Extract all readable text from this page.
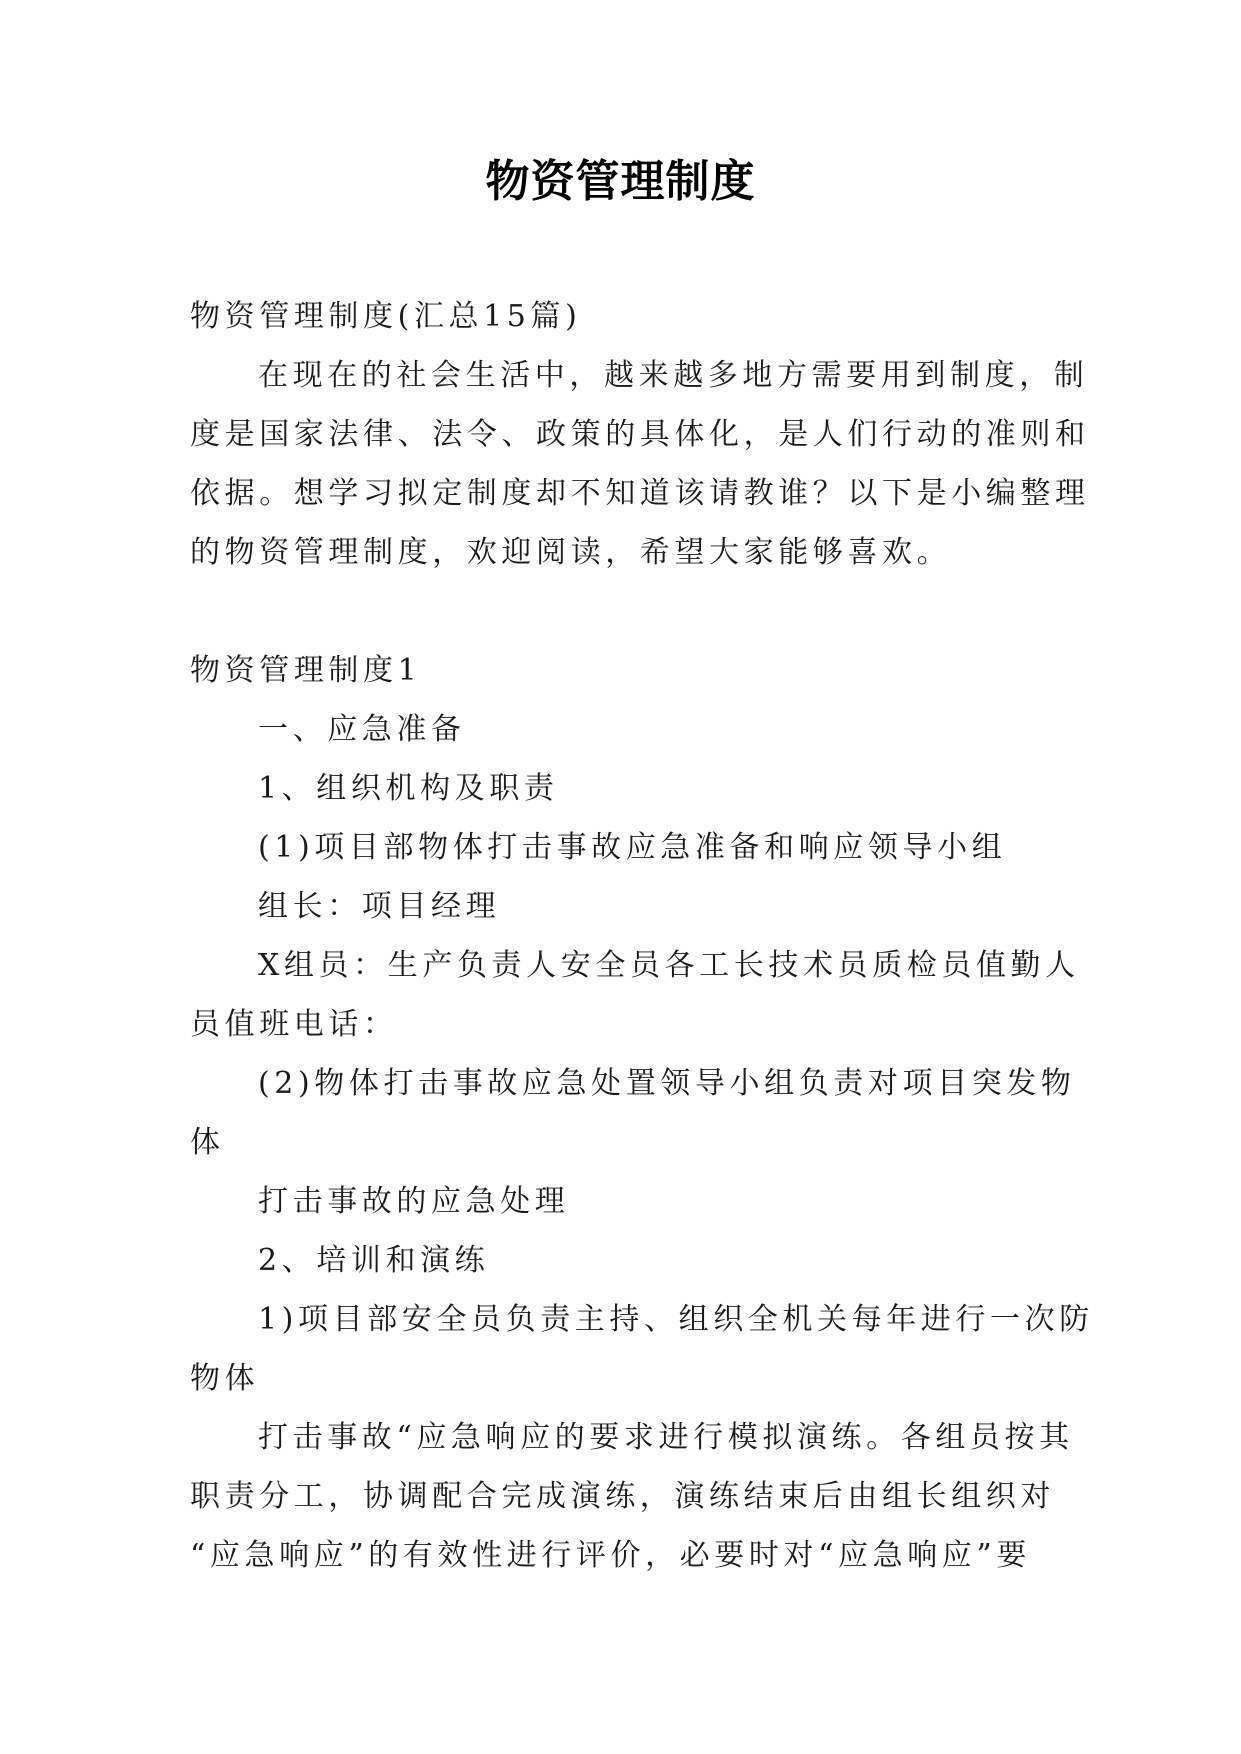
物资管理制度
物资管理制度(汇总15篇)
在现在的社会生活中，越来越多地方需要用到制度，制
度是国家法律、法令、政策的具体化，是人们行动的准则和
依据。想学习拟定制度却不知道该请教谁？以下是小编整理
的物资管理制度，欢迎阅读，希望大家能够喜欢。
物资管理制度1
一、应急准备
1、组织机构及职责
(1)项目部物体打击事故应急准备和响应领导小组
组长：项目经理
X组员：生产负责人安全员各工长技术员质检员值勤人
员值班电话：
(2)物体打击事故应急处置领导小组负责对项目突发物
体
打击事故的应急处理
2、培训和演练
1)项目部安全员负责主持、组织全机关每年进行一次防
物体
打击事故“应急响应的要求进行模拟演练。各组员按其
职责分工，协调配合完成演练，演练结束后由组长组织对
“应急响应”的有效性进行评价，必要时对“应急响应”要
